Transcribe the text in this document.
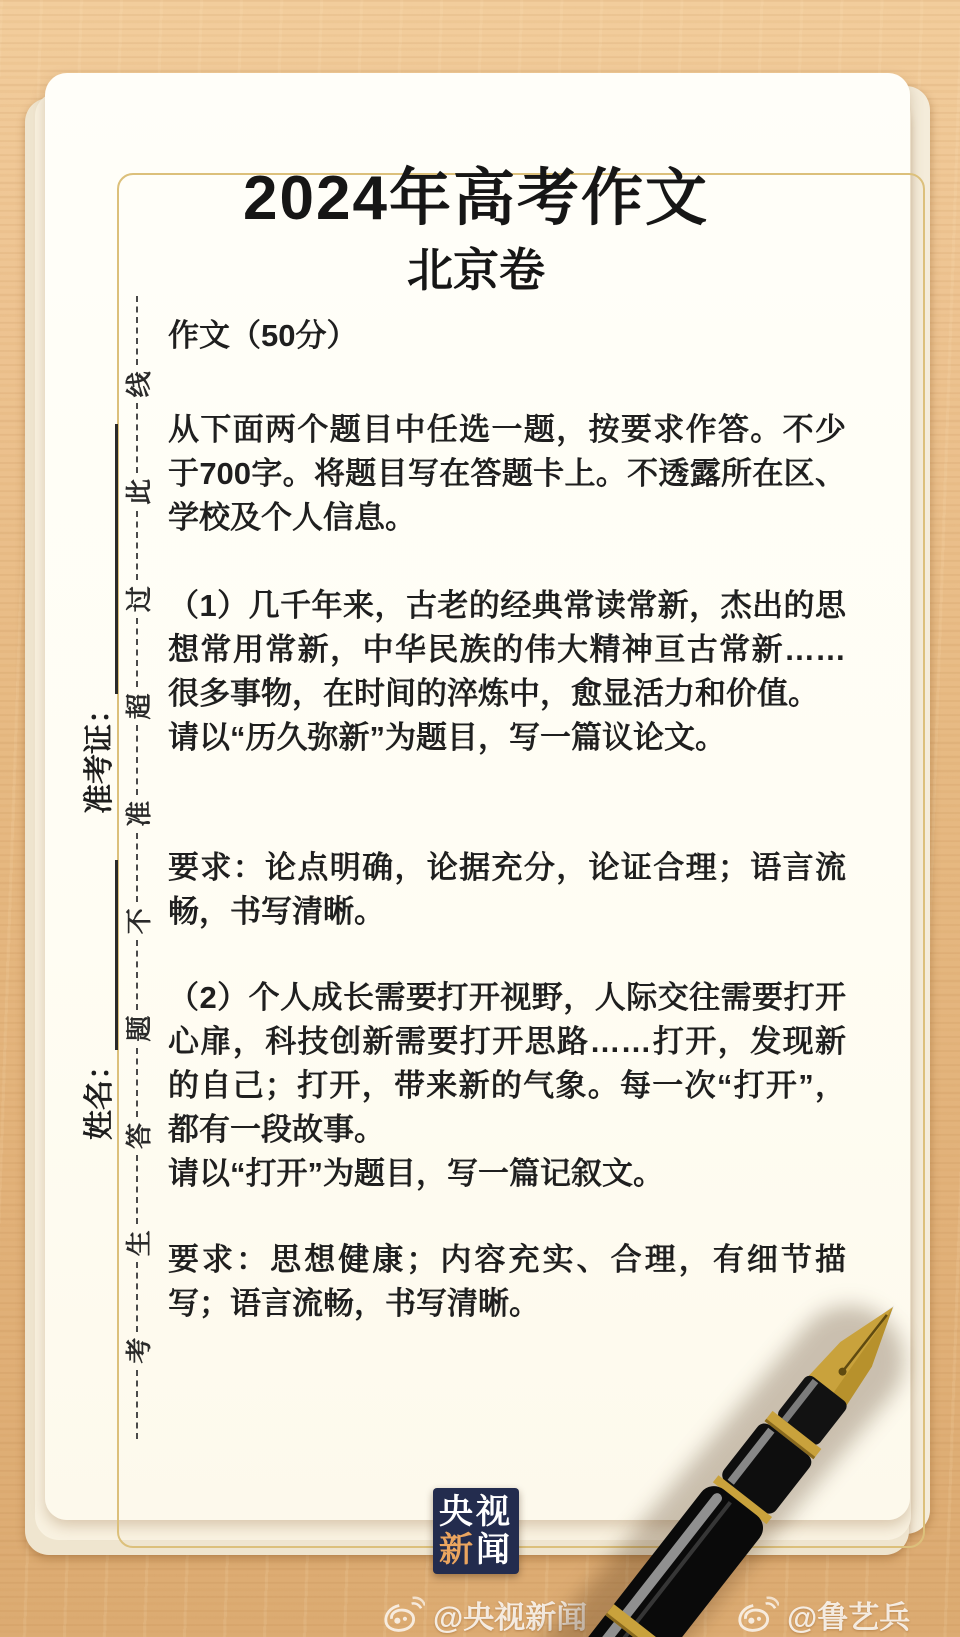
姓名：
准考证：
考
生
答
题
不
准
超
过
此
线
2024年高考作文
北京卷

作文（50分）

从下面两个题目中任选一题，按要求作答。不少于700字。将题目写在答题卡上。不透露所在区、学校及个人信息。

（1）几千年来，古老的经典常读常新，杰出的思想常用常新，中华民族的伟大精神亘古常新……很多事物，在时间的淬炼中，愈显活力和价值。
请以“历久弥新”为题目，写一篇议论文。

要求：论点明确，论据充分，论证合理；语言流畅，书写清晰。

（2）个人成长需要打开视野，人际交往需要打开心扉，科技创新需要打开思路……打开，发现新的自己；打开，带来新的气象。每一次“打开”，都有一段故事。
请以“打开”为题目，写一篇记叙文。

要求：思想健康；内容充实、合理，有细节描写；语言流畅，书写清晰。

央视
新闻
@央视新闻	@鲁艺兵
